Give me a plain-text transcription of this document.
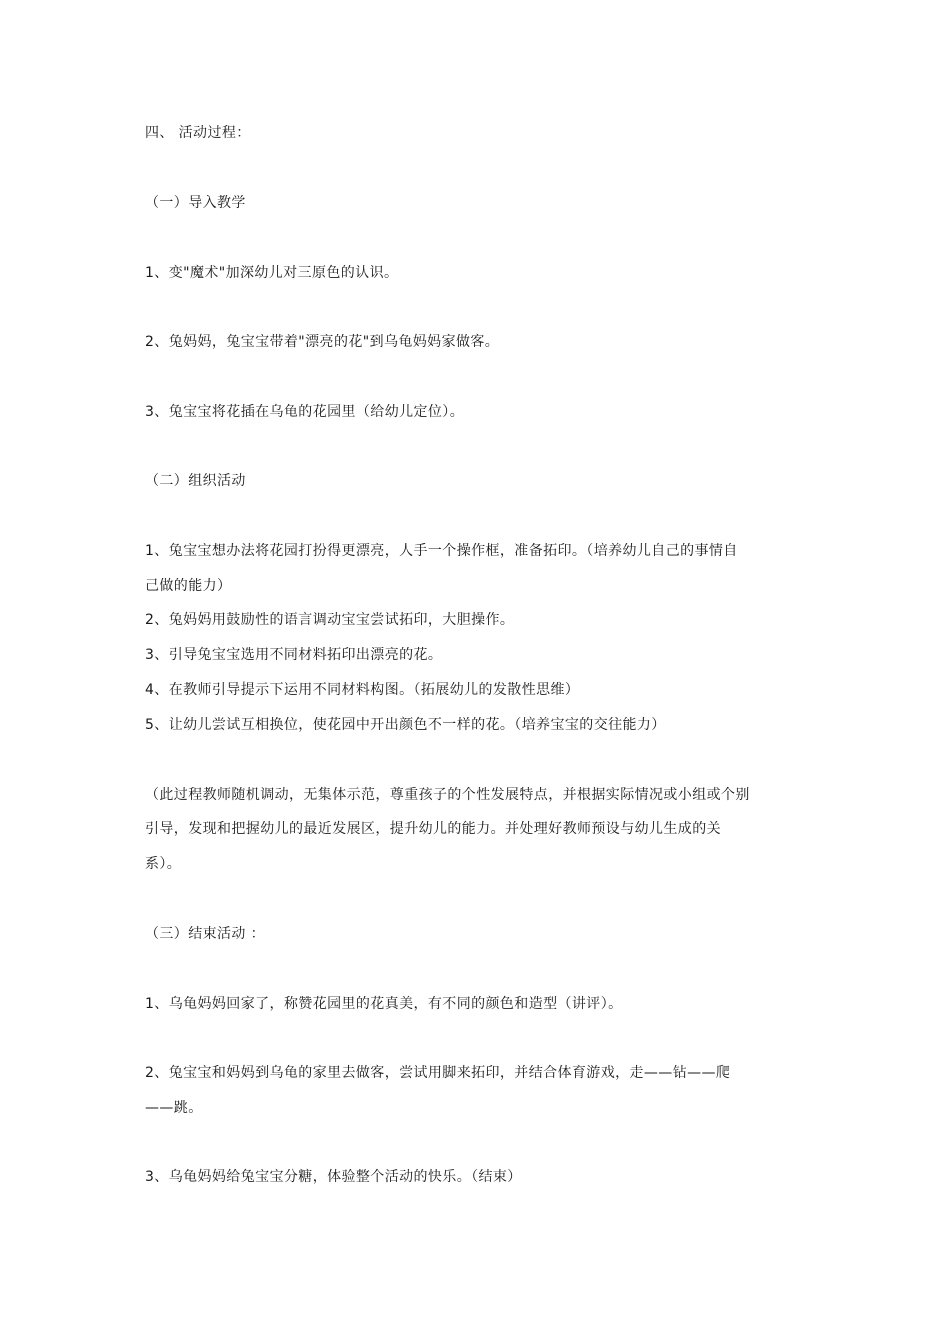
四、 活动过程：
（一）导入教学
1、变"魔术"加深幼儿对三原色的认识。
2、兔妈妈，兔宝宝带着"漂亮的花"到乌龟妈妈家做客。
3、兔宝宝将花插在乌龟的花园里（给幼儿定位）。
（二）组织活动
1、兔宝宝想办法将花园打扮得更漂亮，人手一个操作框，准备拓印。（培养幼儿自己的事情自
己做的能力）
2、兔妈妈用鼓励性的语言调动宝宝尝试拓印，大胆操作。
3、引导兔宝宝选用不同材料拓印出漂亮的花。
4、在教师引导提示下运用不同材料构图。（拓展幼儿的发散性思维）
5、让幼儿尝试互相换位，使花园中开出颜色不一样的花。（培养宝宝的交往能力）
（此过程教师随机调动，无集体示范，尊重孩子的个性发展特点，并根据实际情况或小组或个别
引导，发现和把握幼儿的最近发展区，提升幼儿的能力。并处理好教师预设与幼儿生成的关
系）。
（三）结束活动 ：
1、乌龟妈妈回家了，称赞花园里的花真美，有不同的颜色和造型（讲评）。
2、兔宝宝和妈妈到乌龟的家里去做客，尝试用脚来拓印，并结合体育游戏，走——钻——爬
——跳。
3、乌龟妈妈给兔宝宝分糖，体验整个活动的快乐。（结束）
